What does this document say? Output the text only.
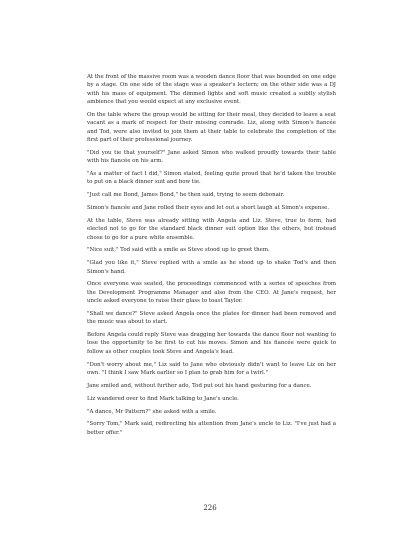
At the front of the massive room was a wooden dance floor that was bounded on one edge by a stage. On one side of the stage was a speaker's lectern; on the other side was a DJ with his mass of equipment. The dimmed lights and soft music created a subtly stylish ambience that you would expect at any exclusive event.

On the table where the group would be sitting for their meal, they decided to leave a seat vacant as a mark of respect for their missing comrade. Liz, along with Simon's fiancée and Tod, were also invited to join them at their table to celebrate the completion of the first part of their professional journey.

"Did you tie that yourself?" Jane asked Simon who walked proudly towards their table with his fiancée on his arm.

"As a matter of fact I did," Simon stated, feeling quite proud that he'd taken the trouble to put on a black dinner suit and bow tie.

"Just call me Bond, James Bond," he then said, trying to seem debonair.

Simon's fiancée and Jane rolled their eyes and let out a short laugh at Simon's expense.

At the table, Steve was already sitting with Angela and Liz. Steve, true to form, had elected not to go for the standard black dinner suit option like the others, but instead chose to go for a pure white ensemble.

"Nice suit," Tod said with a smile as Steve stood up to greet them.

"Glad you like it," Steve replied with a smile as he stood up to shake Tod's and then Simon's hand.

Once everyone was seated, the proceedings commenced with a series of speeches from the Development Programme Manager and also from the CEO. At Jane's request, her uncle asked everyone to raise their glass to toast Taylor.

"Shall we dance?" Steve asked Angela once the plates for dinner had been removed and the music was about to start.

Before Angela could reply Steve was dragging her towards the dance floor not wanting to lose the opportunity to be first to cut his moves. Simon and his fiancée were quick to follow as other couples took Steve and Angela's lead.

"Don't worry about me," Liz said to Jane who obviously didn't want to leave Liz on her own. "I think I saw Mark earlier so I plan to grab him for a twirl."

Jane smiled and, without further ado, Tod put out his hand gesturing for a dance.

Liz wandered over to find Mark talking to Jane's uncle.

"A dance, Mr Pattern?" she asked with a smile.

"Sorry Tom," Mark said, redirecting his attention from Jane's uncle to Liz. "I've just had a better offer."

226
